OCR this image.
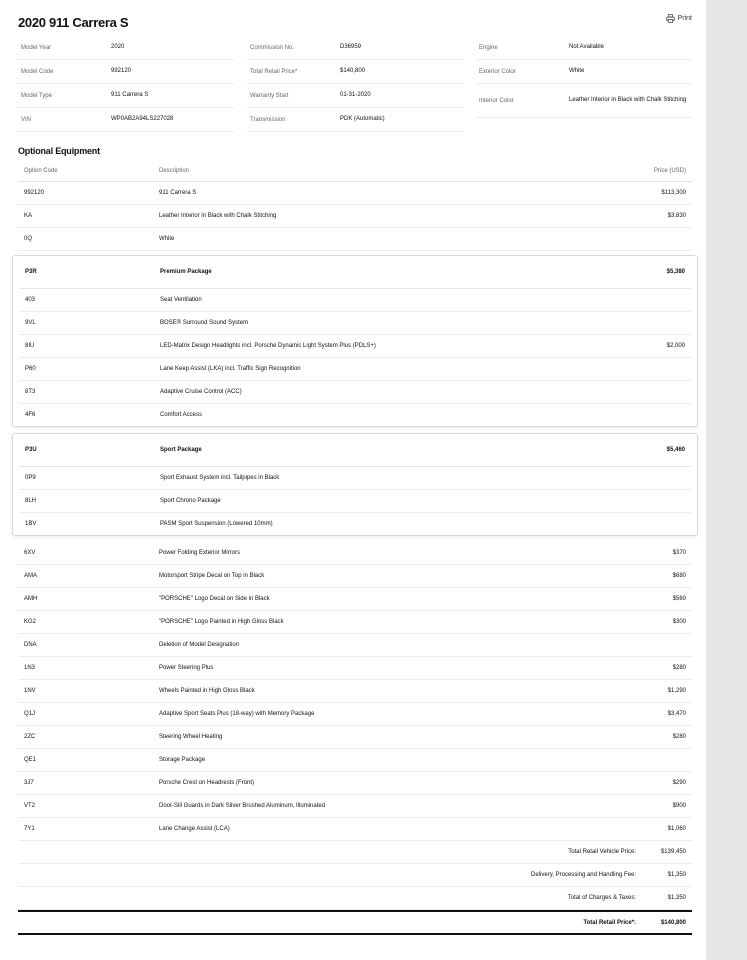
2020 911 Carrera S	Print
Model Year	2020
Model Code	992120
Model Type	911 Carrera S
VIN	WP0AB2A94LS227028
Commission No.	D36959
Total Retail Price*	$140,800
Warranty Start	01-31-2020
Transmission	PDK (Automatic)
Engine	Not Available
Exterior Color	White
Interior Color	Leather Interior in Black with Chalk Stitching
Optional Equipment
Option Code	Description	Price (USD)
992120	911 Carrera S	$113,300
KA	Leather Interior in Black with Chalk Stitching	$3,830
0Q	White
P3R	Premium Package	$5,380
403	Seat Ventilation
9VL	BOSE® Surround Sound System
8IU	LED-Matrix Design Headlights incl. Porsche Dynamic Light System Plus (PDLS+)	$2,000
P60	Lane Keep Assist (LKA) incl. Traffic Sign Recognition
8T3	Adaptive Cruise Control (ACC)
4F6	Comfort Access
P3U	Sport Package	$5,460
0P9	Sport Exhaust System incl. Tailpipes in Black
8LH	Sport Chrono Package
1BV	PASM Sport Suspension (Lowered 10mm)
6XV	Power Folding Exterior Mirrors	$370
AMA	Motorsport Stripe Decal on Top in Black	$680
AMH	"PORSCHE" Logo Decal on Side in Black	$560
KG2	"PORSCHE" Logo Painted in High Gloss Black	$300
DNA	Deletion of Model Designation
1N3	Power Steering Plus	$280
1NV	Wheels Painted in High Gloss Black	$1,290
Q1J	Adaptive Sport Seats Plus (18-way) with Memory Package	$3,470
2ZC	Steering Wheel Heating	$280
QE1	Storage Package
3J7	Porsche Crest on Headrests (Front)	$290
VT2	Door-Sill Guards in Dark Silver Brushed Aluminum, Illuminated	$900
7Y1	Lane Change Assist (LCA)	$1,060
Total Retail Vehicle Price:	$139,450
Delivery, Processing and Handling Fee:	$1,350
Total of Charges & Taxes:	$1,350
Total Retail Price*:	$140,800
